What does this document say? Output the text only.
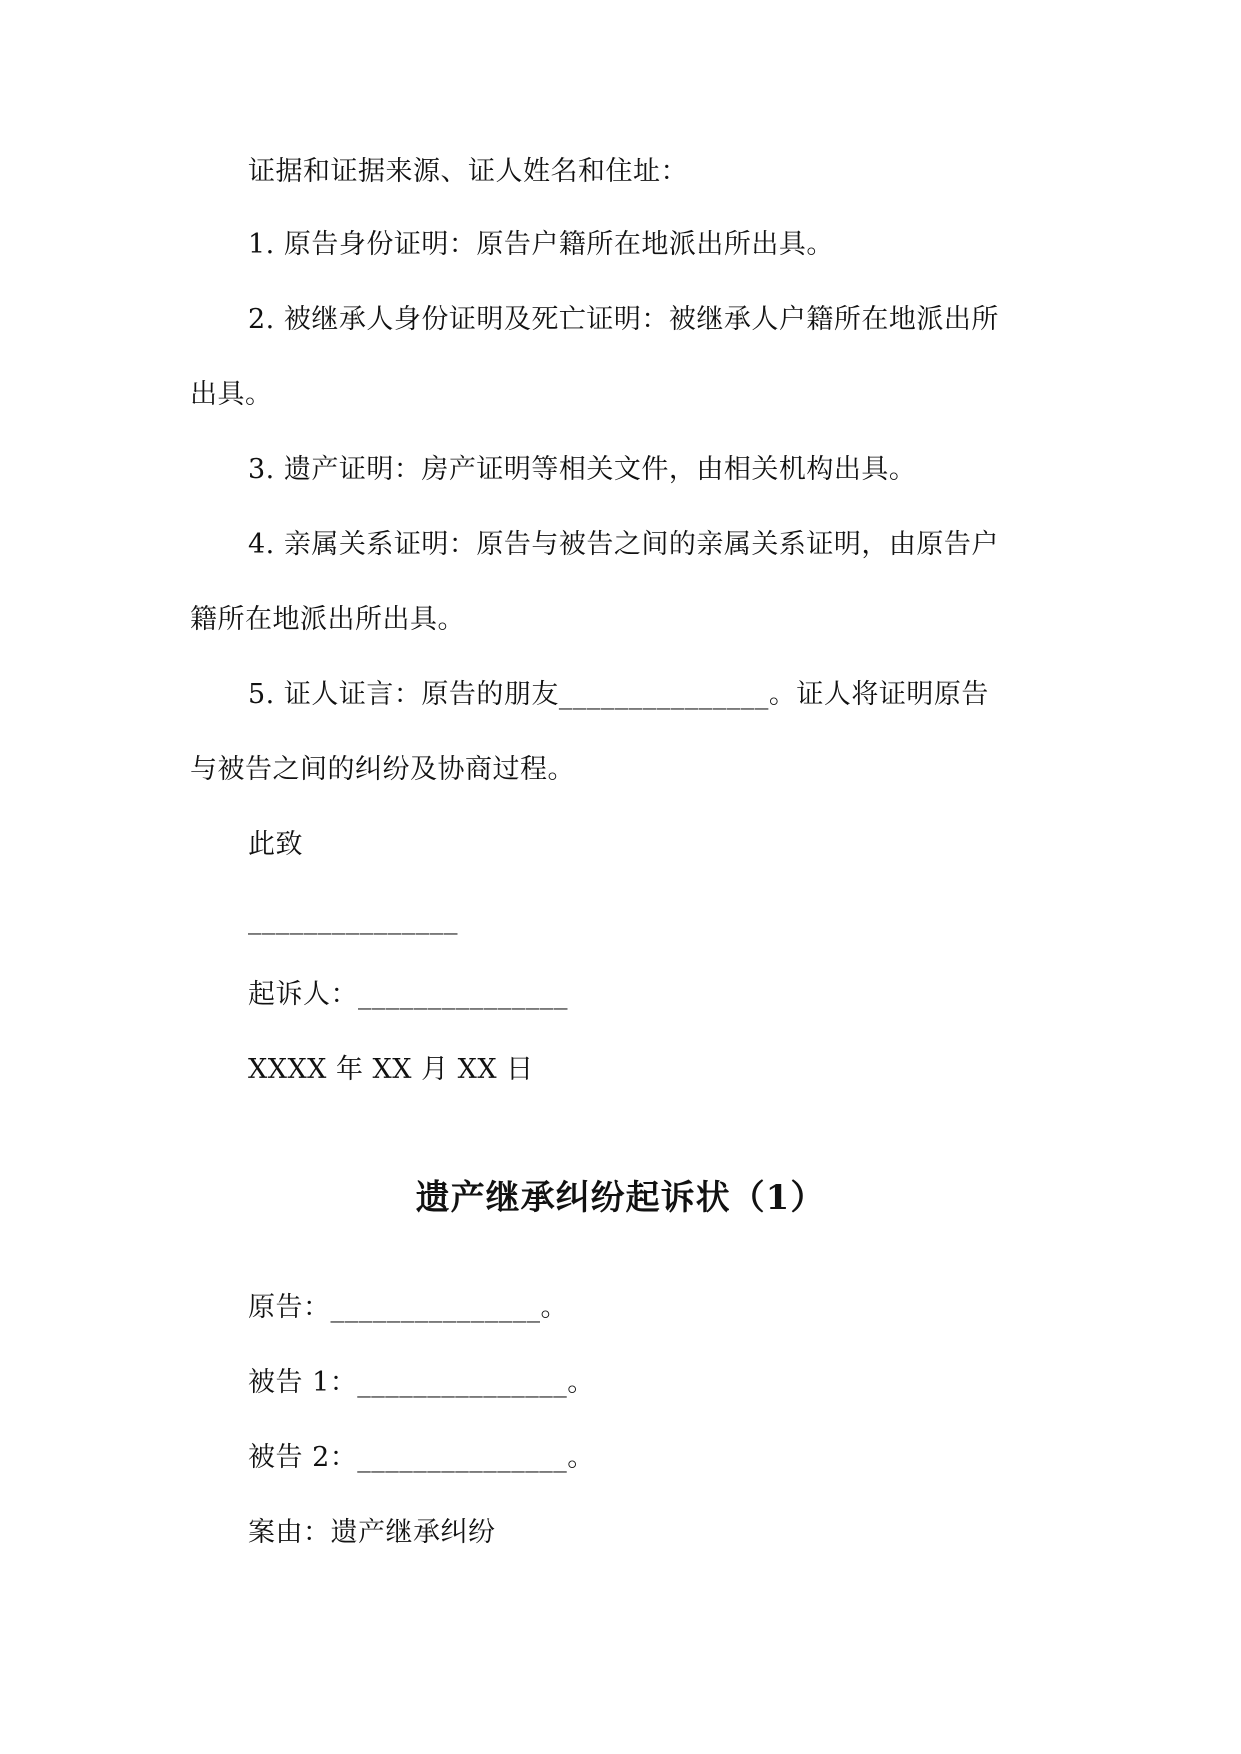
证据和证据来源、证人姓名和住址：
1. 原告身份证明：原告户籍所在地派出所出具。
2. 被继承人身份证明及死亡证明：被继承人户籍所在地派出所
出具。
3. 遗产证明：房产证明等相关文件，由相关机构出具。
4. 亲属关系证明：原告与被告之间的亲属关系证明，由原告户
籍所在地派出所出具。
5. 证人证言：原告的朋友_______________。证人将证明原告
与被告之间的纠纷及协商过程。
此致
_______________
起诉人：_______________
XXXX 年 XX 月 XX 日
遗产继承纠纷起诉状（1）
原告：_______________。
被告 1：_______________。
被告 2：_______________。
案由：遗产继承纠纷
